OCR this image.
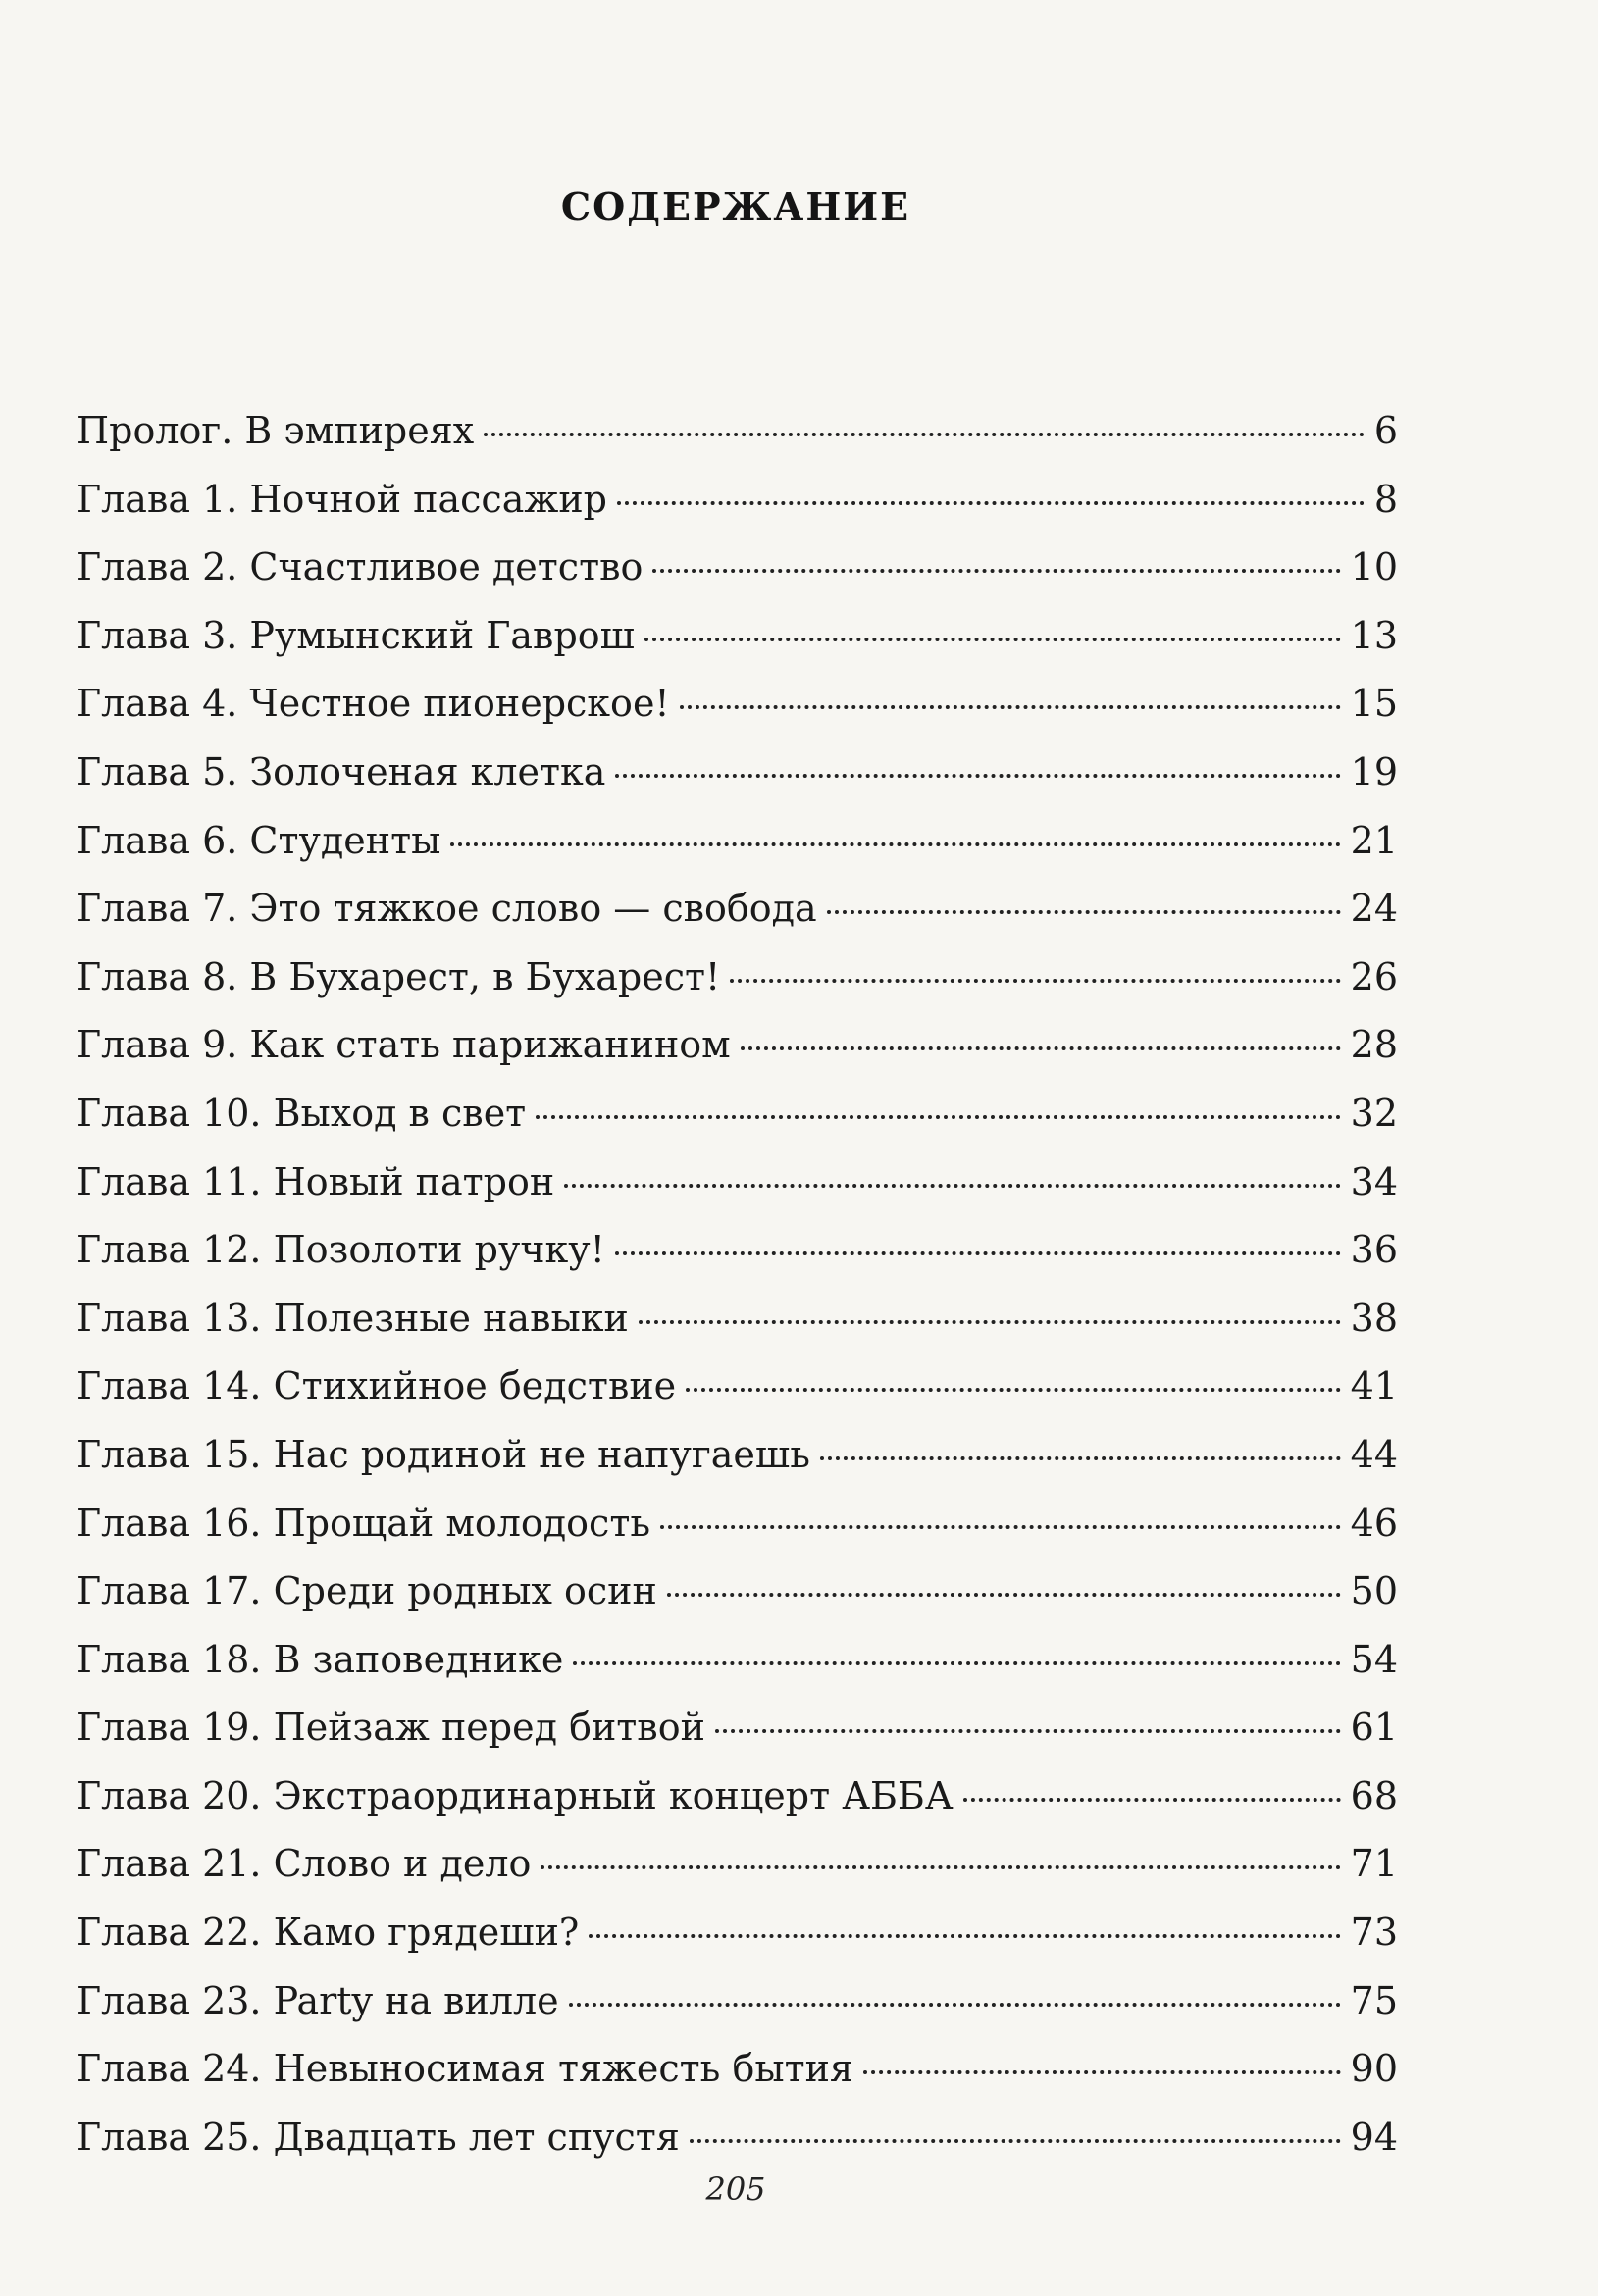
СОДЕРЖАНИЕ
Пролог. В эмпиреях	6
Глава 1. Ночной пассажир	8
Глава 2. Счастливое детство	10
Глава 3. Румынский Гаврош	13
Глава 4. Честное пионерское!	15
Глава 5. Золоченая клетка	19
Глава 6. Студенты	21
Глава 7. Это тяжкое слово — свобода	24
Глава 8. В Бухарест, в Бухарест!	26
Глава 9. Как стать парижанином	28
Глава 10. Выход в свет	32
Глава 11. Новый патрон	34
Глава 12. Позолоти ручку!	36
Глава 13. Полезные навыки	38
Глава 14. Стихийное бедствие	41
Глава 15. Нас родиной не напугаешь	44
Глава 16. Прощай молодость	46
Глава 17. Среди родных осин	50
Глава 18. В заповеднике	54
Глава 19. Пейзаж перед битвой	61
Глава 20. Экстраординарный концерт АББА	68
Глава 21. Слово и дело	71
Глава 22. Камо грядеши?	73
Глава 23. Party на вилле	75
Глава 24. Невыносимая тяжесть бытия	90
Глава 25. Двадцать лет спустя	94
205
